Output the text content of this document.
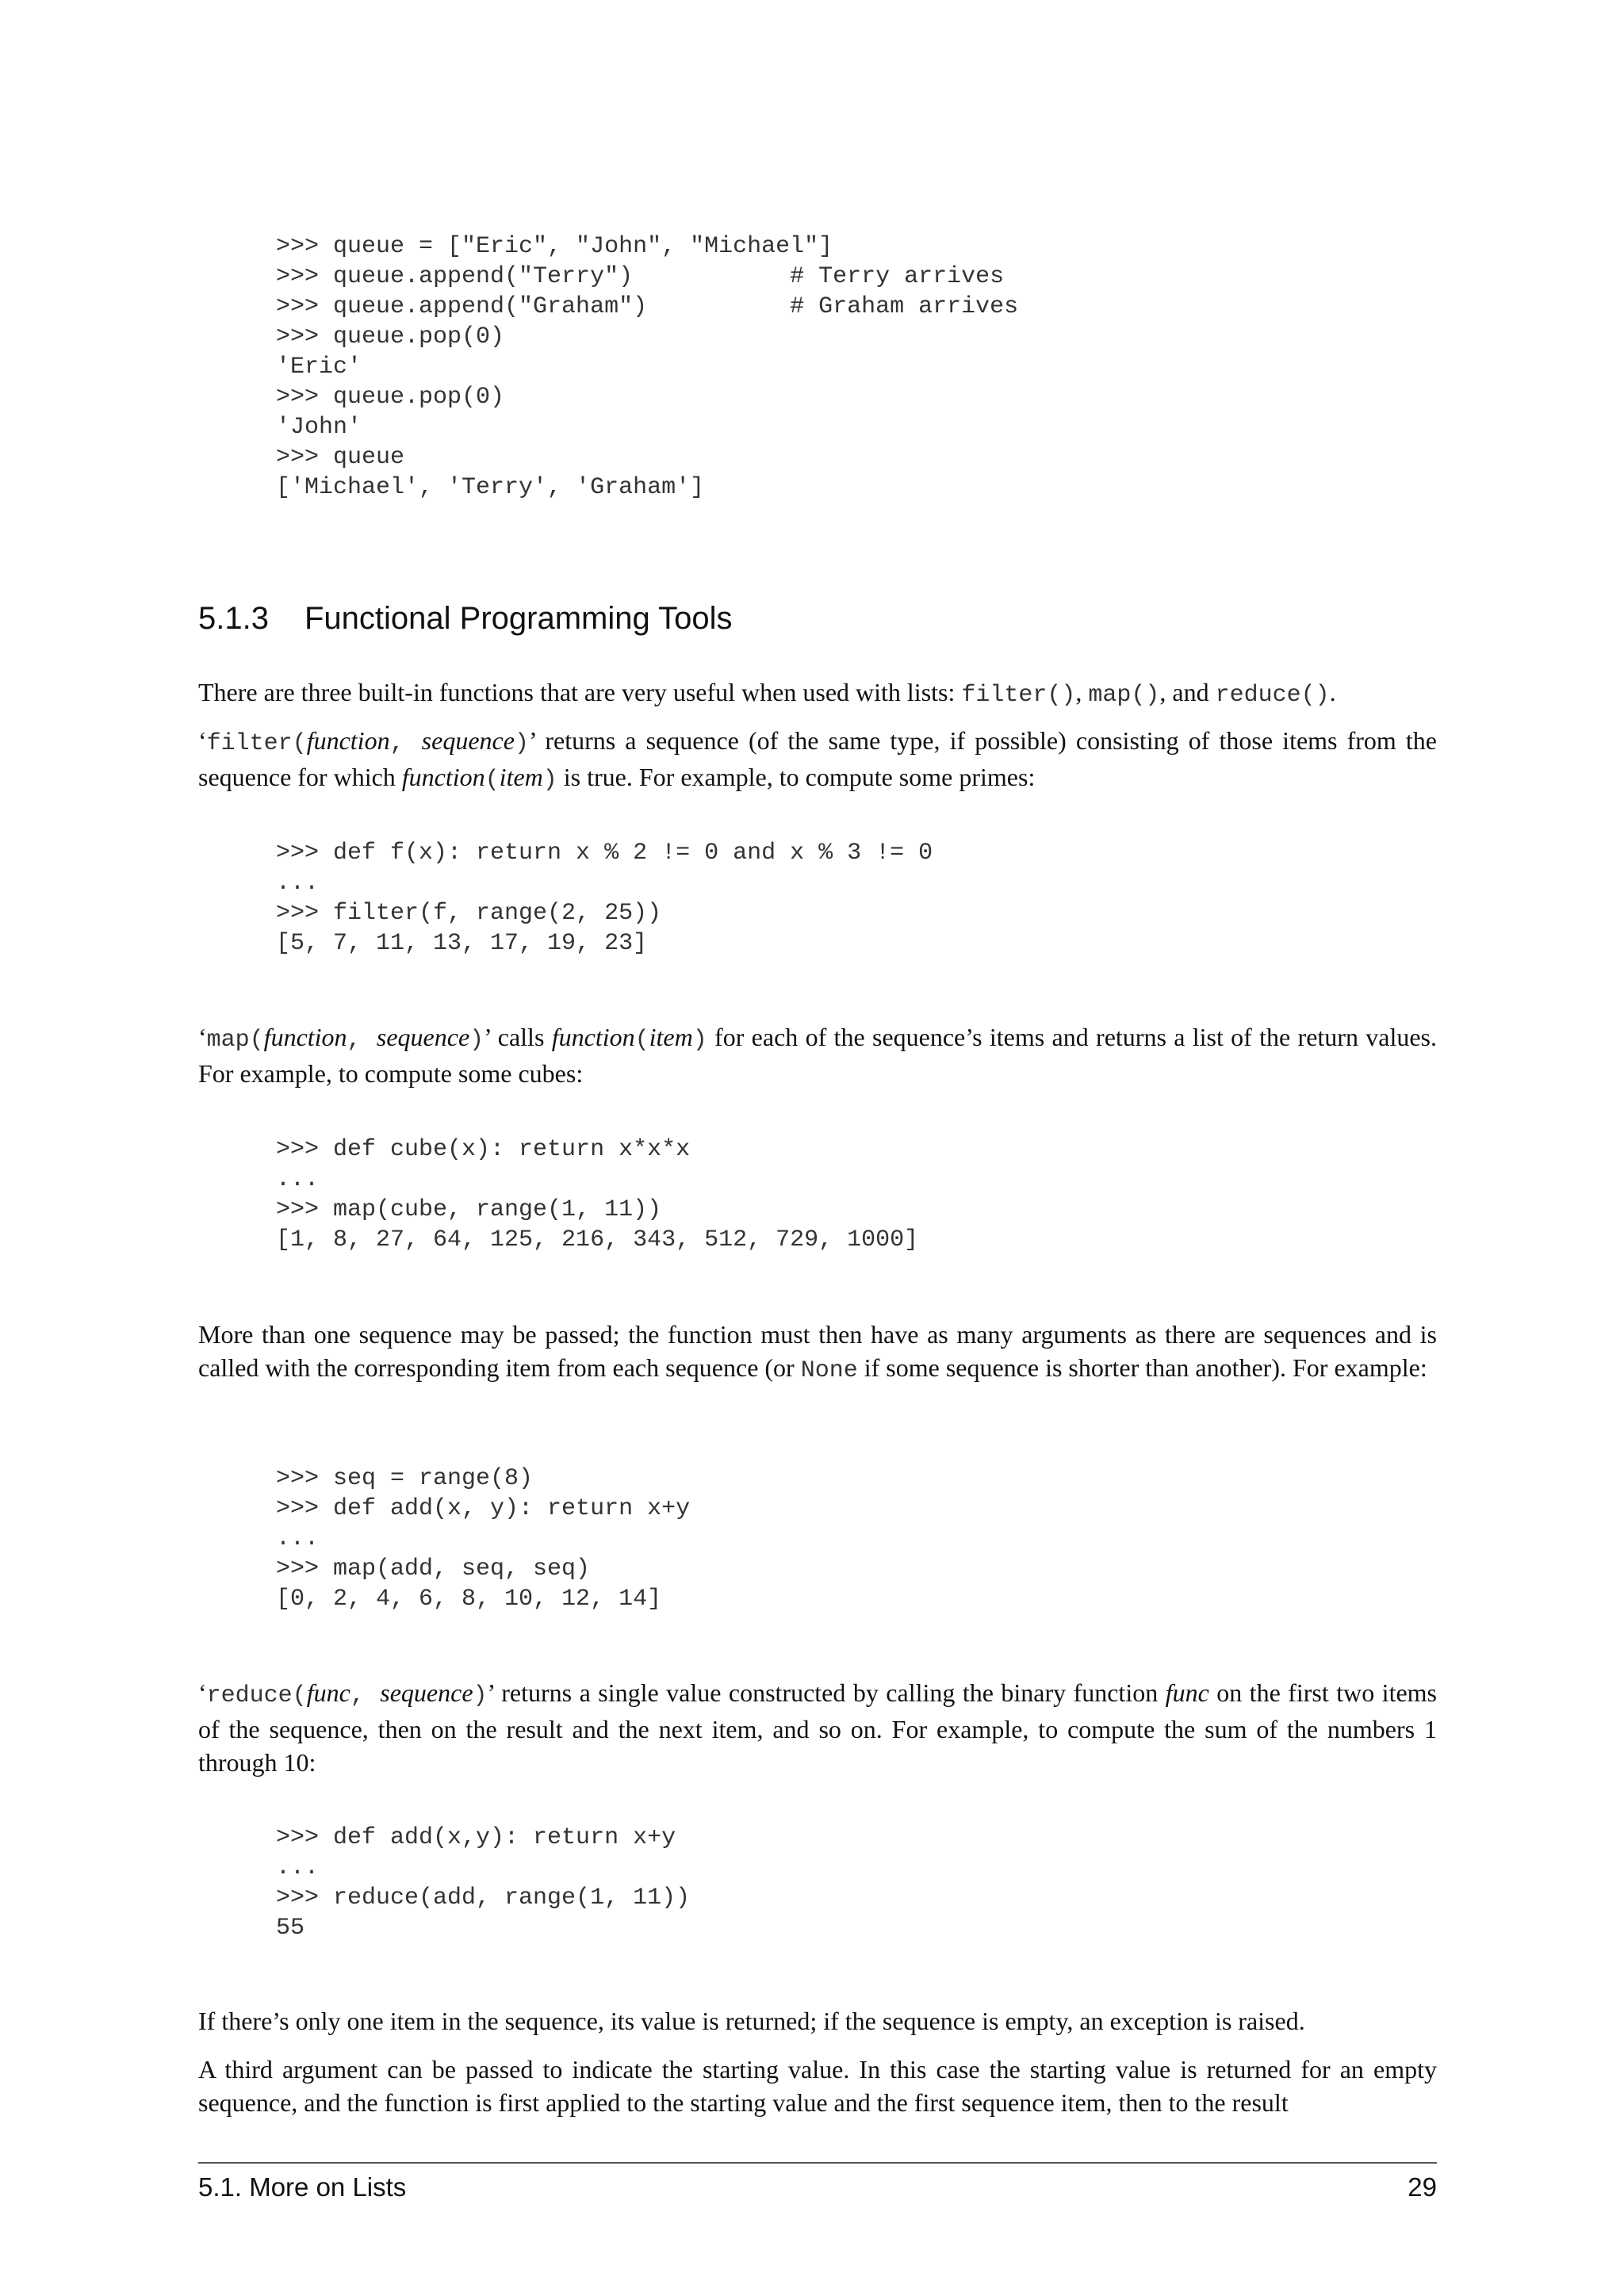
>>> queue = ["Eric", "John", "Michael"]
>>> queue.append("Terry")           # Terry arrives
>>> queue.append("Graham")          # Graham arrives
>>> queue.pop(0)
'Eric'
>>> queue.pop(0)
'John'
>>> queue
['Michael', 'Terry', 'Graham']
5.1.3 Functional Programming Tools

There are three built-in functions that are very useful when used with lists: filter(), map(), and reduce().

‘filter(function, sequence)’ returns a sequence (of the same type, if possible) consisting of those items from the sequence for which function(item) is true. For example, to compute some primes:

>>> def f(x): return x % 2 != 0 and x % 3 != 0
...
>>> filter(f, range(2, 25))
[5, 7, 11, 13, 17, 19, 23]

‘map(function, sequence)’ calls function(item) for each of the sequence’s items and returns a list of the return values. For example, to compute some cubes:

>>> def cube(x): return x*x*x
...
>>> map(cube, range(1, 11))
[1, 8, 27, 64, 125, 216, 343, 512, 729, 1000]

More than one sequence may be passed; the function must then have as many arguments as there are sequences and is called with the corresponding item from each sequence (or None if some sequence is shorter than another). For example:

>>> seq = range(8)
>>> def add(x, y): return x+y
...
>>> map(add, seq, seq)
[0, 2, 4, 6, 8, 10, 12, 14]

‘reduce(func, sequence)’ returns a single value constructed by calling the binary function func on the first two items of the sequence, then on the result and the next item, and so on. For example, to compute the sum of the numbers 1 through 10:

>>> def add(x,y): return x+y
...
>>> reduce(add, range(1, 11))
55

If there’s only one item in the sequence, its value is returned; if the sequence is empty, an exception is raised.

A third argument can be passed to indicate the starting value. In this case the starting value is returned for an empty sequence, and the function is first applied to the starting value and the first sequence item, then to the result

5.1. More on Lists	29
